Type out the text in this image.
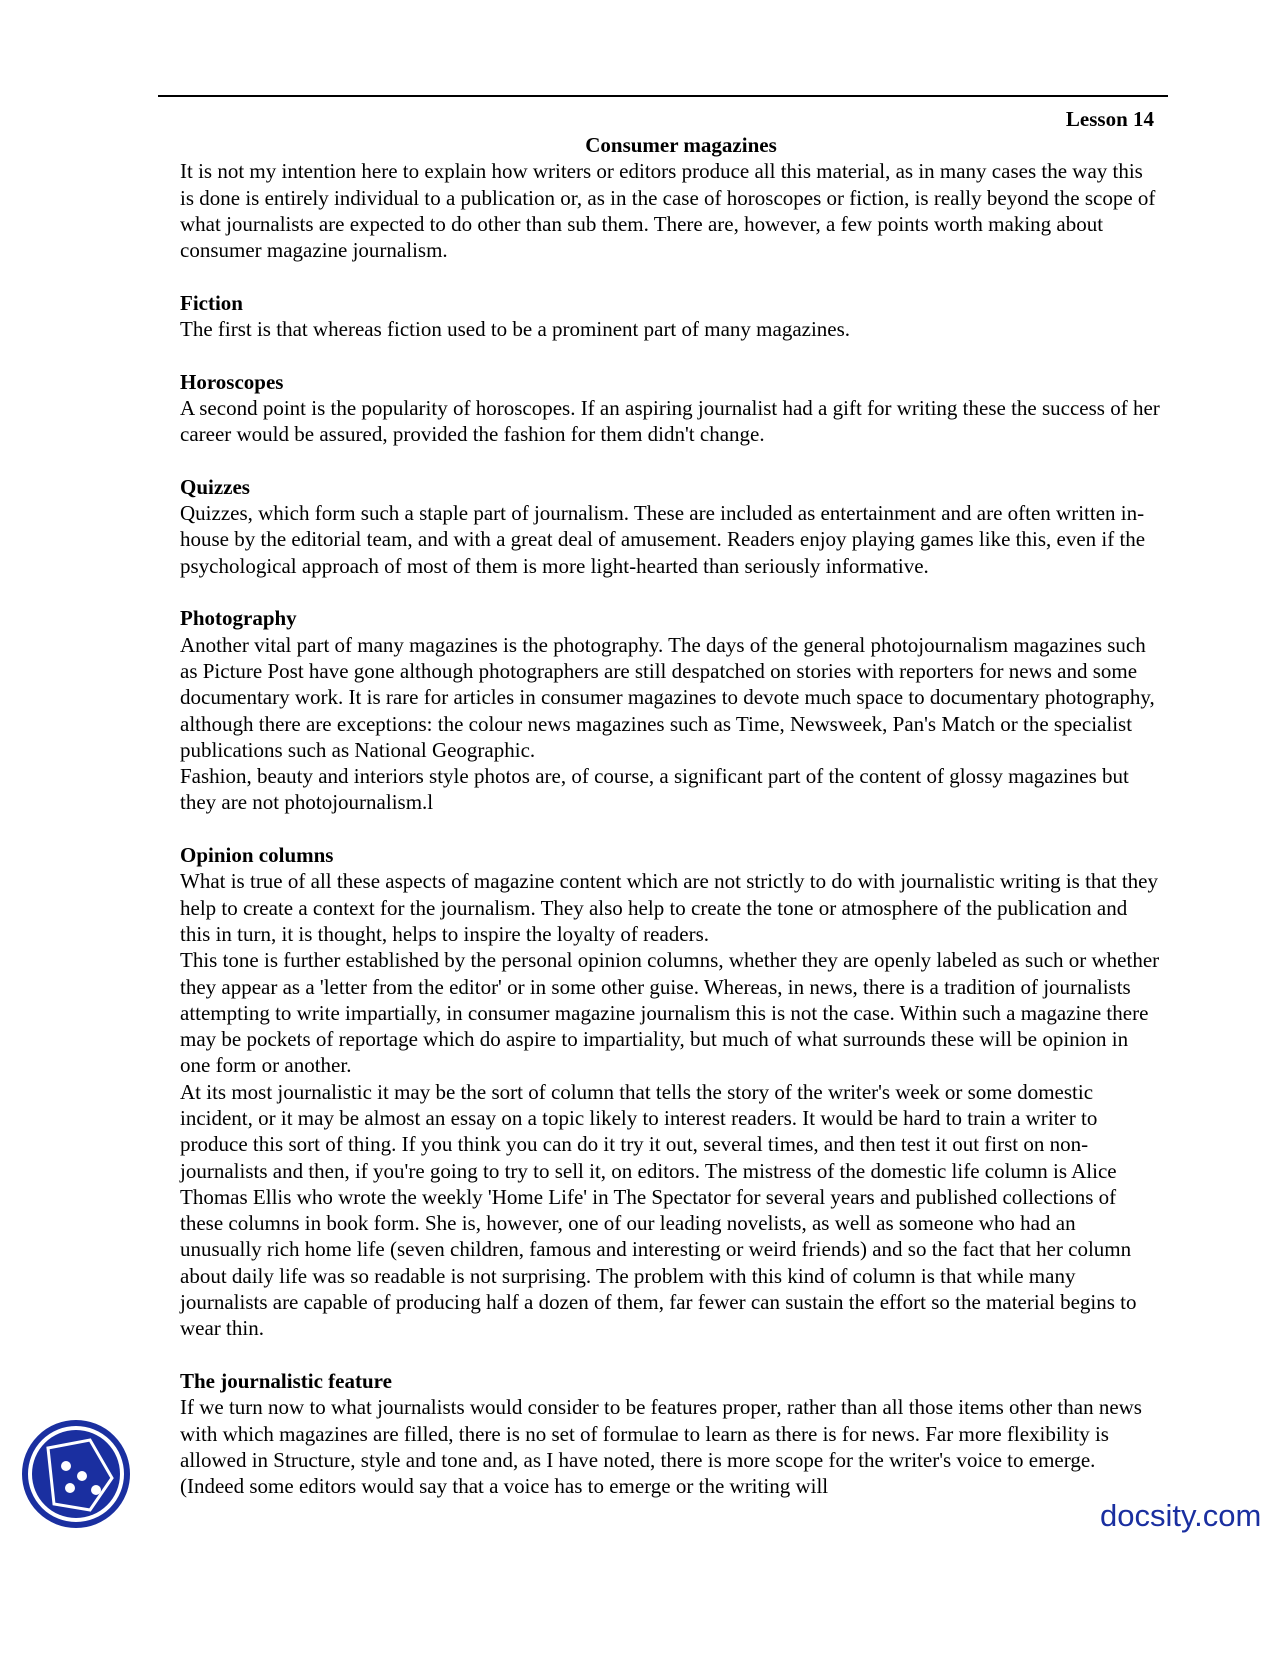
Lesson 14
Consumer magazines

It is not my intention here to explain how writers or editors produce all this material, as in many cases the way this is done is entirely individual to a publication or, as in the case of horoscopes or fiction, is really beyond the scope of what journalists are expected to do other than sub them. There are, however, a few points worth making about consumer magazine journalism.

Fiction

The first is that whereas fiction used to be a prominent part of many magazines.

Horoscopes

A second point is the popularity of horoscopes. If an aspiring journalist had a gift for writing these the success of her career would be assured, provided the fashion for them didn't change.

Quizzes

Quizzes, which form such a staple part of journalism. These are included as entertainment and are often written in-house by the editorial team, and with a great deal of amusement. Readers enjoy playing games like this, even if the psychological approach of most of them is more light-hearted than seriously informative.

Photography

Another vital part of many magazines is the photography. The days of the general photojournalism magazines such as Picture Post have gone although photographers are still despatched on stories with reporters for news and some documentary work. It is rare for articles in consumer magazines to devote much space to documentary photography, although there are exceptions: the colour news magazines such as Time, Newsweek, Pan's Match or the specialist publications such as National Geographic.

Fashion, beauty and interiors style photos are, of course, a significant part of the content of glossy magazines but they are not photojournalism.l

Opinion columns

What is true of all these aspects of magazine content which are not strictly to do with journalistic writing is that they help to create a context for the journalism. They also help to create the tone or atmosphere of the publication and this in turn, it is thought, helps to inspire the loyalty of readers.

This tone is further established by the personal opinion columns, whether they are openly labeled as such or whether they appear as a 'letter from the editor' or in some other guise. Whereas, in news, there is a tradition of journalists attempting to write impartially, in consumer magazine journalism this is not the case. Within such a magazine there may be pockets of reportage which do aspire to impartiality, but much of what surrounds these will be opinion in one form or another.

At its most journalistic it may be the sort of column that tells the story of the writer's week or some domestic incident, or it may be almost an essay on a topic likely to interest readers. It would be hard to train a writer to produce this sort of thing. If you think you can do it try it out, several times, and then test it out first on non-journalists and then, if you're going to try to sell it, on editors. The mistress of the domestic life column is Alice Thomas Ellis who wrote the weekly 'Home Life' in The Spectator for several years and published collections of these columns in book form. She is, however, one of our leading novelists, as well as someone who had an unusually rich home life (seven children, famous and interesting or weird friends) and so the fact that her column about daily life was so readable is not surprising. The problem with this kind of column is that while many journalists are capable of producing half a dozen of them, far fewer can sustain the effort so the material begins to wear thin.

The journalistic feature

If we turn now to what journalists would consider to be features proper, rather than all those items other than news with which magazines are filled, there is no set of formulae to learn as there is for news. Far more flexibility is allowed in Structure, style and tone and, as I have noted, there is more scope for the writer's voice to emerge. (Indeed some editors would say that a voice has to emerge or the writing will

docsity.com
